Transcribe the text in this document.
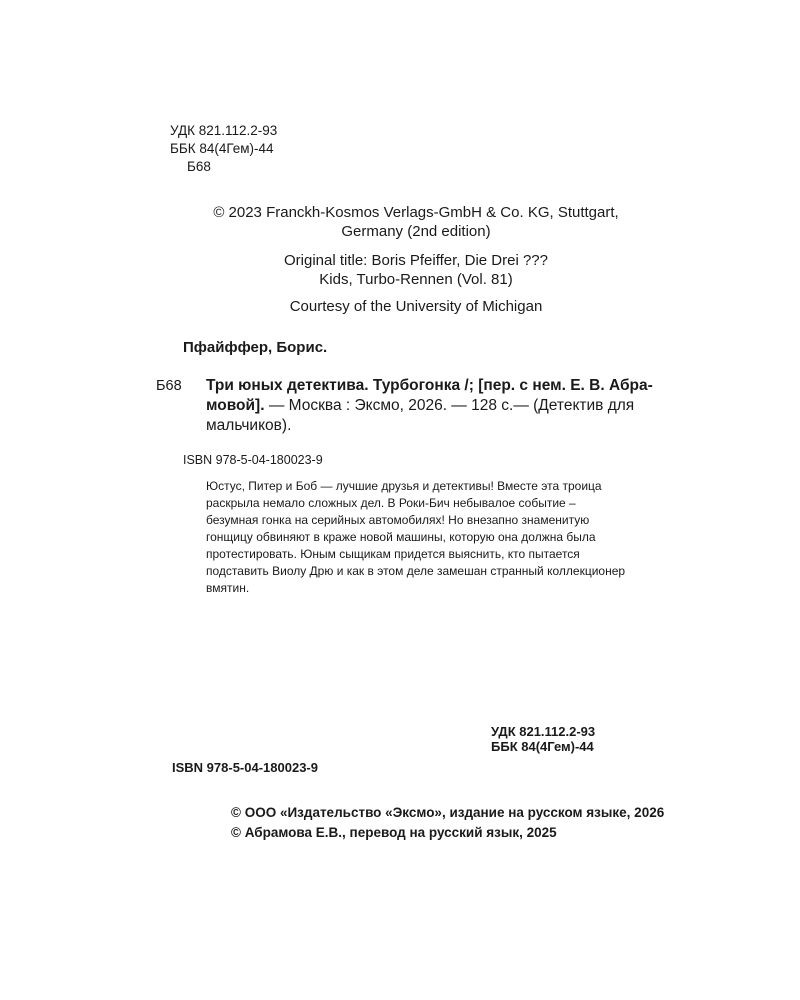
УДК 821.112.2-93
ББК 84(4Гем)-44
Б68
© 2023 Franckh-Kosmos Verlags-GmbH & Co. KG, Stuttgart,
Germany (2nd edition)
Original title: Boris Pfeiffer, Die Drei ???
Kids, Turbo-Rennen (Vol. 81)
Courtesy of the University of Michigan
Пфайффер, Борис.
Б68 Три юных детектива. Турбогонка /; [пер. с нем. Е. В. Абра-
мовой]. — Москва : Эксмо, 2026. — 128 с.— (Детектив для
мальчиков).
ISBN 978-5-04-180023-9
Юстус, Питер и Боб — лучшие друзья и детективы! Вместе эта троица
раскрыла немало сложных дел. В Роки-Бич небывалое событие –
безумная гонка на серийных автомобилях! Но внезапно знаменитую
гонщицу обвиняют в краже новой машины, которую она должна была
протестировать. Юным сыщикам придется выяснить, кто пытается
подставить Виолу Дрю и как в этом деле замешан странный коллекционер
вмятин.
УДК 821.112.2-93
ББК 84(4Гем)-44
ISBN 978-5-04-180023-9
© ООО «Издательство «Эксмо», издание на русском языке, 2026
© Абрамова Е.В., перевод на русский язык, 2025
